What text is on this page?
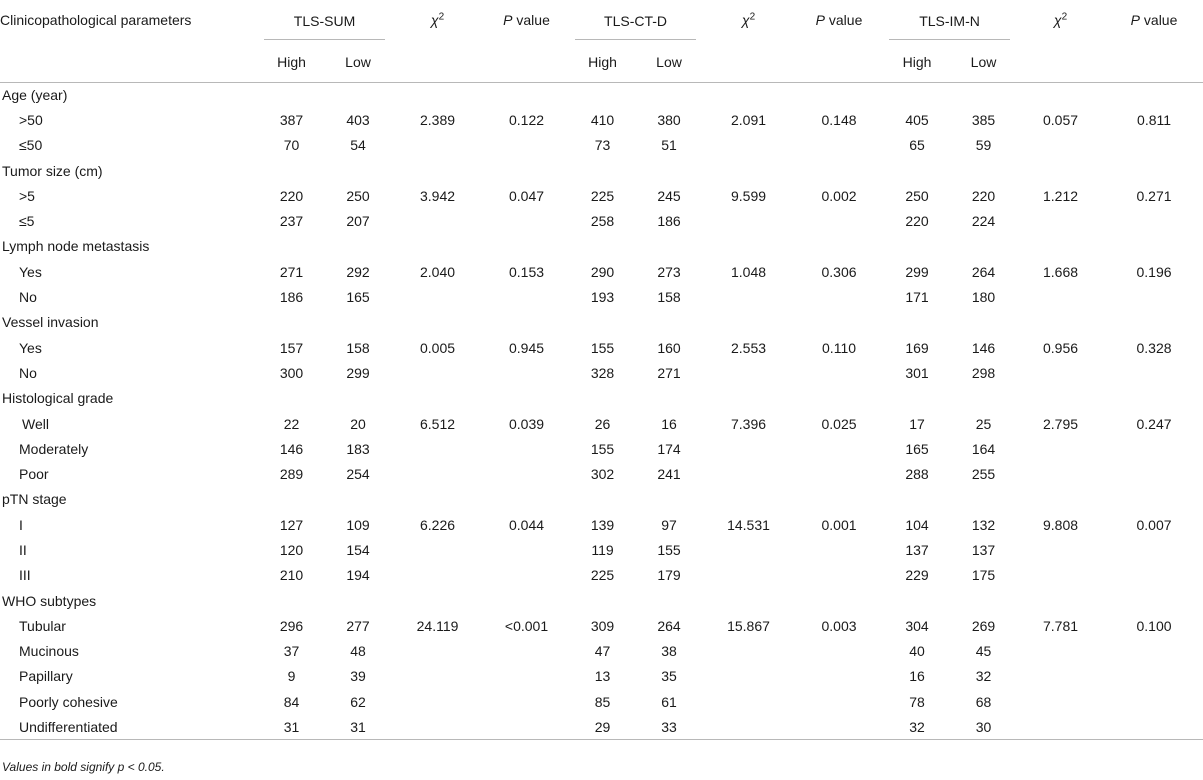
Clinicopathological parameters	TLS-SUM		$\chi^2$	P value	TLS-CT-D		$\chi^2$	P value	TLS-IM-N		$\chi^2$	P value
	High	Low			High	Low			High	Low		
Age (year)												
>50	387	403	2.389	0.122	410	380	2.091	0.148	405	385	0.057	0.811
≤50	70	54			73	51			65	59		
Tumor size (cm)												
>5	220	250	3.942	0.047	225	245	9.599	0.002	250	220	1.212	0.271
≤5	237	207			258	186			220	224		
Lymph node metastasis												
Yes	271	292	2.040	0.153	290	273	1.048	0.306	299	264	1.668	0.196
No	186	165			193	158			171	180		
Vessel invasion												
Yes	157	158	0.005	0.945	155	160	2.553	0.110	169	146	0.956	0.328
No	300	299			328	271			301	298		
Histological grade												
Well	22	20	6.512	0.039	26	16	7.396	0.025	17	25	2.795	0.247
Moderately	146	183			155	174			165	164		
Poor	289	254			302	241			288	255		
pTN stage												
I	127	109	6.226	0.044	139	97	14.531	0.001	104	132	9.808	0.007
II	120	154			119	155			137	137		
III	210	194			225	179			229	175		
WHO subtypes												
Tubular	296	277	24.119	<0.001	309	264	15.867	0.003	304	269	7.781	0.100
Mucinous	37	48			47	38			40	45		
Papillary	9	39			13	35			16	32		
Poorly cohesive	84	62			85	61			78	68		
Undifferentiated	31	31			29	33			32	30		
Values in bold signify p < 0.05.
